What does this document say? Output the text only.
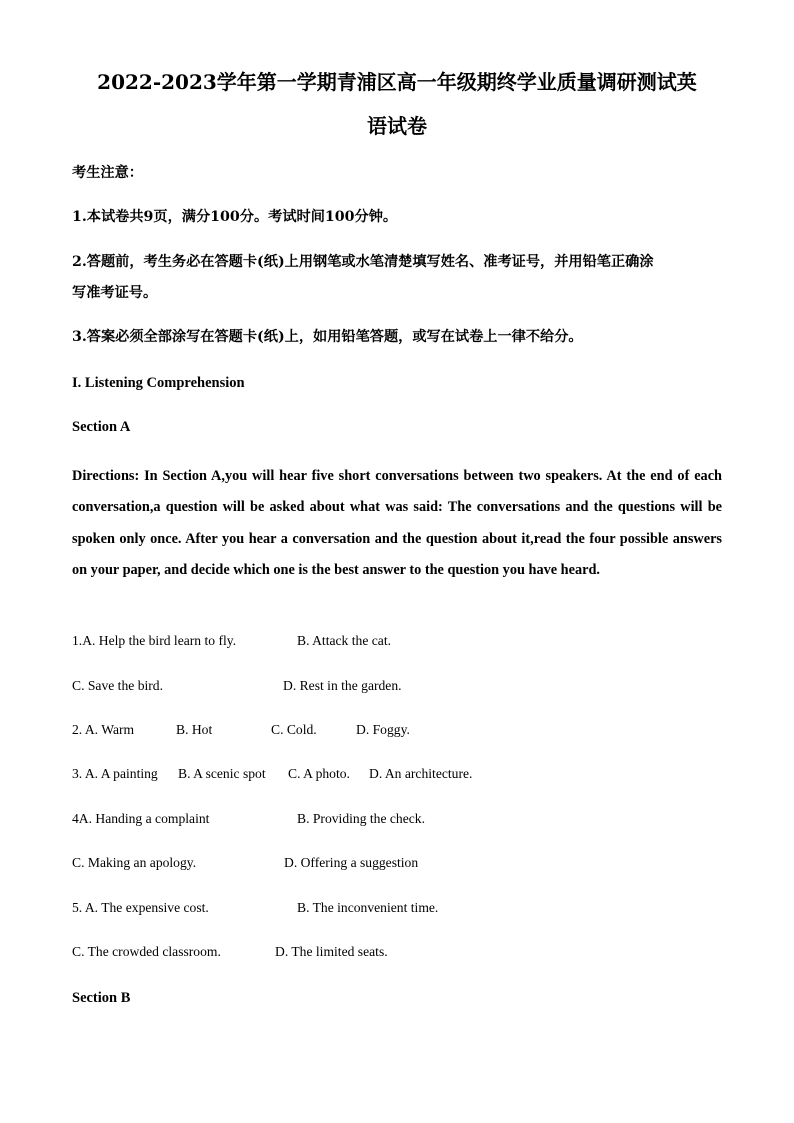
2022-2023学年第一学期青浦区高一年级期终学业质量调研测试英
语试卷
考生注意：
1.本试卷共9页，满分100分。考试时间100分钟。
2.答题前，考生务必在答题卡(纸)上用钢笔或水笔清楚填写姓名、准考证号，并用铅笔正确涂
写准考证号。
3.答案必须全部涂写在答题卡(纸)上，如用铅笔答题，或写在试卷上一律不给分。
I. Listening Comprehension
Section A
Directions: In Section A,you will hear five short conversations between two speakers. At the end of each conversation,a question will be asked about what was said: The conversations and the questions will be spoken only once. After you hear a conversation and the question about it,read the four possible answers on your paper, and decide which one is the best answer to the question you have heard.
1.A. Help the bird learn to fly.	B. Attack the cat.
C. Save the bird.	D. Rest in the garden.
2. A. Warm	B. Hot	C. Cold.	D. Foggy.
3. A. A painting B. A scenic spot C. A photo. D. An architecture.
4A. Handing a complaint	B. Providing the check.
C. Making an apology.	D. Offering a suggestion
5. A. The expensive cost.	B. The inconvenient time.
C. The crowded classroom.	D. The limited seats.
Section B
